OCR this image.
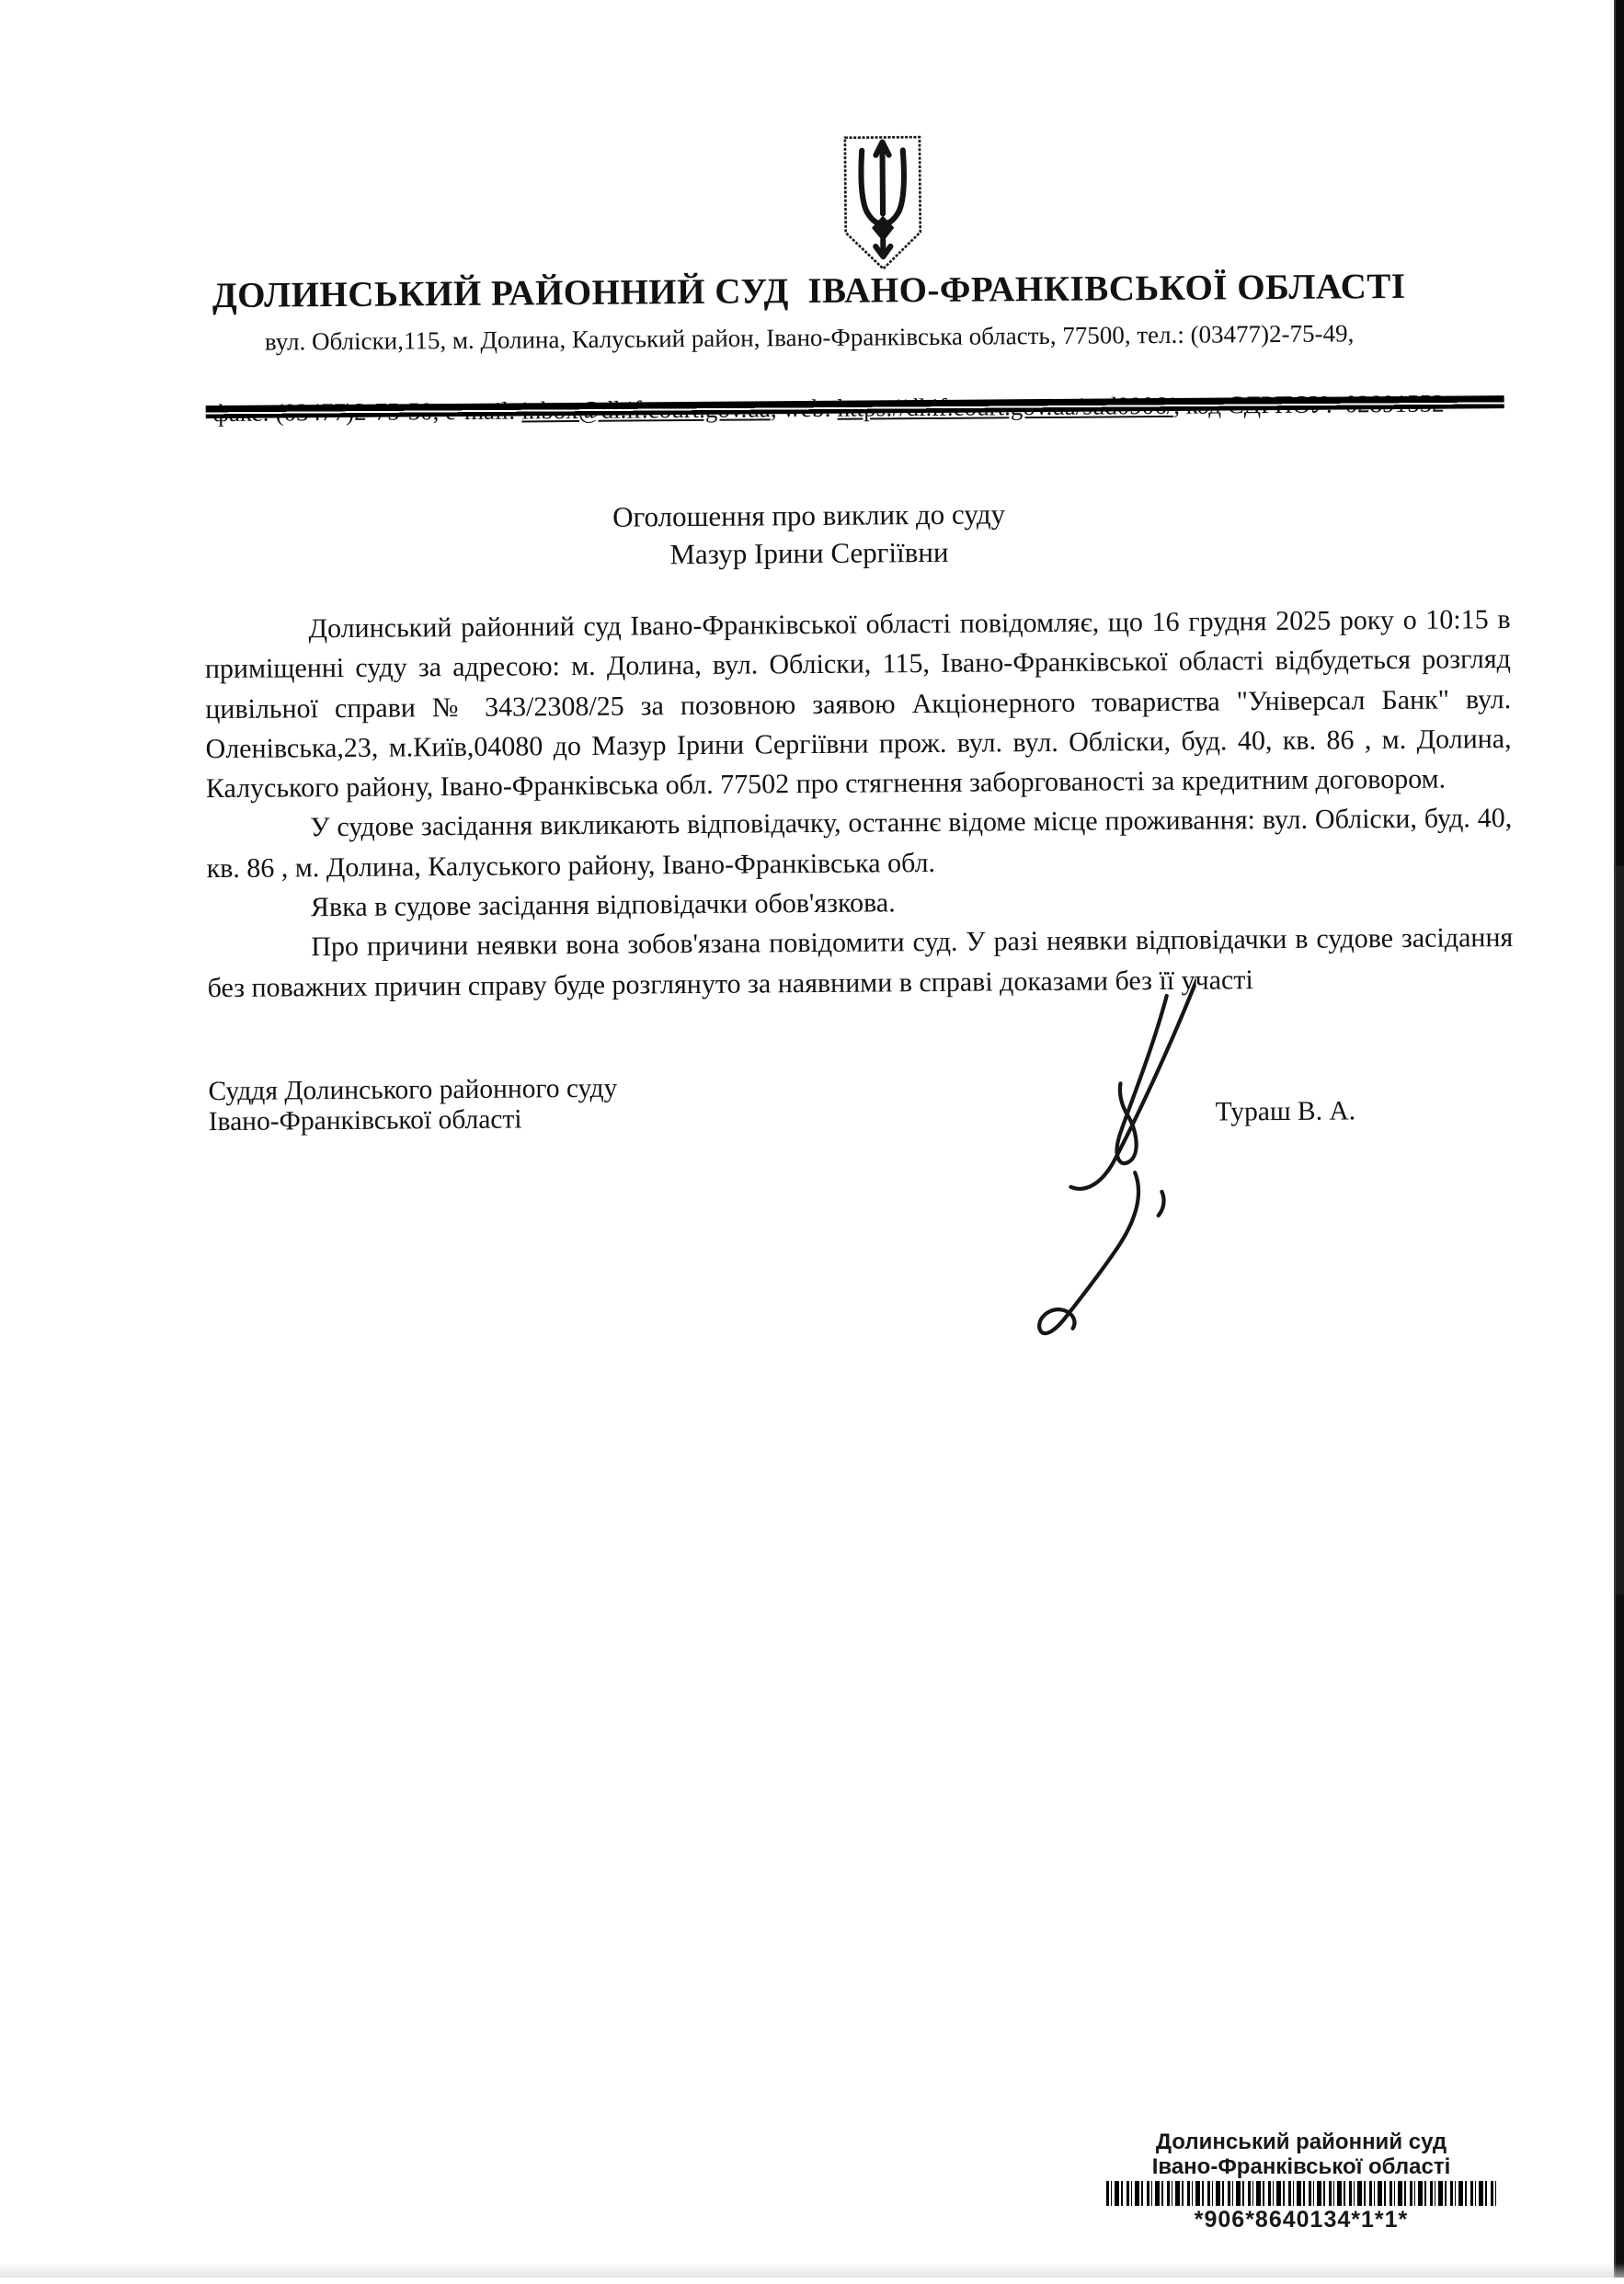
ДОЛИНСЬКИЙ РАЙОННИЙ СУД  ІВАНО-ФРАНКІВСЬКОЇ ОБЛАСТІ
вул. Обліски,115, м. Долина, Калуський район, Івано-Франківська область, 77500, тел.: (03477)2-75-49,

Оголошення про виклик до суду
Мазур Ірини Сергіївни

Долинський районний суд Івано-Франківської області повідомляє, що 16 грудня 2025 року о 10:15 в приміщенні суду за адресою: м. Долина, вул. Обліски, 115, Івано-Франківської області відбудеться розгляд цивільної справи № 343/2308/25 за позовною заявою Акціонерного товариства "Універсал Банк" вул. Оленівська,23, м.Київ,04080 до Мазур Ірини Сергіївни прож. вул. вул. Обліски, буд. 40, кв. 86 , м. Долина, Калуського району, Івано-Франківська обл. 77502 про стягнення заборгованості за кредитним договором.

У судове засідання викликають відповідачку, останнє відоме місце проживання: вул. Обліски, буд. 40, кв. 86 , м. Долина, Калуського району, Івано-Франківська обл.

Явка в судове засідання відповідачки обов'язкова.

Про причини неявки вона зобов'язана повідомити суд. У разі неявки відповідачки в судове засідання без поважних причин справу буде розглянуто за наявними в справі доказами без її участі

Суддя Долинського районного суду
Івано-Франківської області	Тураш В. А.
Долинський районний суд
Івано-Франківської області
*906*8640134*1*1*
